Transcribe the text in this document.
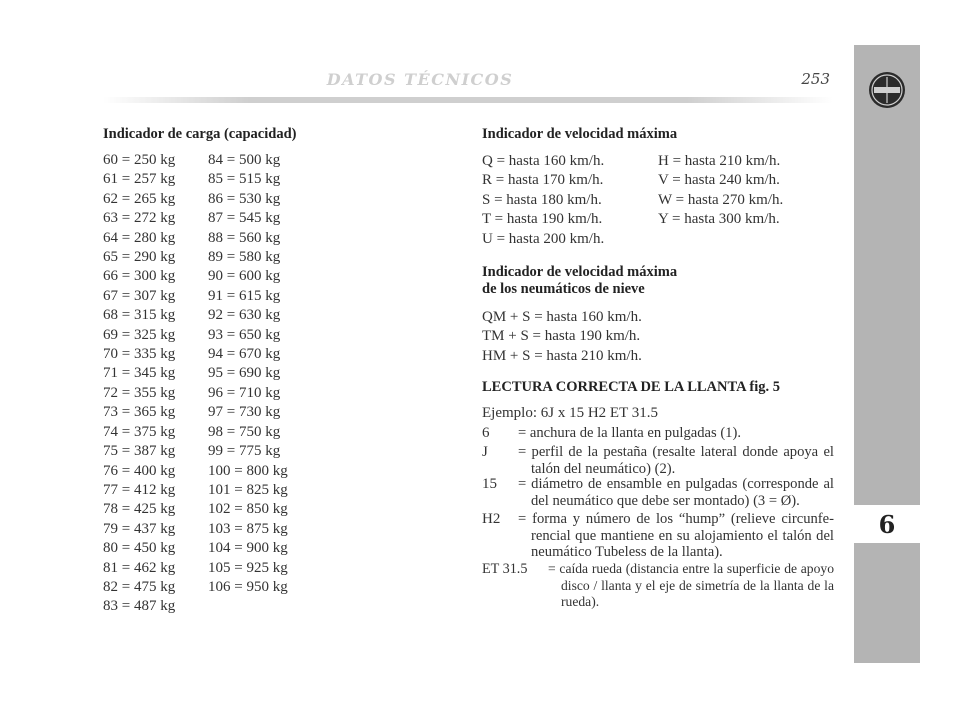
6
DATOS TÉCNICOS	253
Indicador de carga (capacidad)
60 = 250 kg
61 = 257 kg
62 = 265 kg
63 = 272 kg
64 = 280 kg
65 = 290 kg
66 = 300 kg
67 = 307 kg
68 = 315 kg
69 = 325 kg
70 = 335 kg
71 = 345 kg
72 = 355 kg
73 = 365 kg
74 = 375 kg
75 = 387 kg
76 = 400 kg
77 = 412 kg
78 = 425 kg
79 = 437 kg
80 = 450 kg
81 = 462 kg
82 = 475 kg
83 = 487 kg
84 = 500 kg
85 = 515 kg
86 = 530 kg
87 = 545 kg
88 = 560 kg
89 = 580 kg
90 = 600 kg
91 = 615 kg
92 = 630 kg
93 = 650 kg
94 = 670 kg
95 = 690 kg
96 = 710 kg
97 = 730 kg
98 = 750 kg
99 = 775 kg
100 = 800 kg
101 = 825 kg
102 = 850 kg
103 = 875 kg
104 = 900 kg
105 = 925 kg
106 = 950 kg
Indicador de velocidad máxima
Q = hasta 160 km/h.
R = hasta 170 km/h.
S = hasta 180 km/h.
T = hasta 190 km/h.
U = hasta 200 km/h.
H = hasta 210 km/h.
V = hasta 240 km/h.
W = hasta 270 km/h.
Y = hasta 300 km/h.
Indicador de velocidad máxima
de los neumáticos de nieve
QM + S = hasta 160 km/h.
TM + S = hasta 190 km/h.
HM + S = hasta 210 km/h.
LECTURA CORRECTA DE LA LLANTA fig. 5
Ejemplo: 6J x 15 H2 ET 31.5
6	= anchura de la llanta en pulgadas (1).
J	= perfil de la pestaña (resalte lateral donde apoya el talón del neumático) (2).
15	= diámetro de ensamble en pulgadas (corresponde al del neumático que debe ser montado) (3 = Ø).
H2	= forma y número de los “hump” (relieve circunferencial que mantiene en su alojamiento el talón del neumático Tubeless de la llanta).
ET 31.5	= caída rueda (distancia entre la superficie de apoyo disco / llanta y el eje de simetría de la llanta de la rueda).
